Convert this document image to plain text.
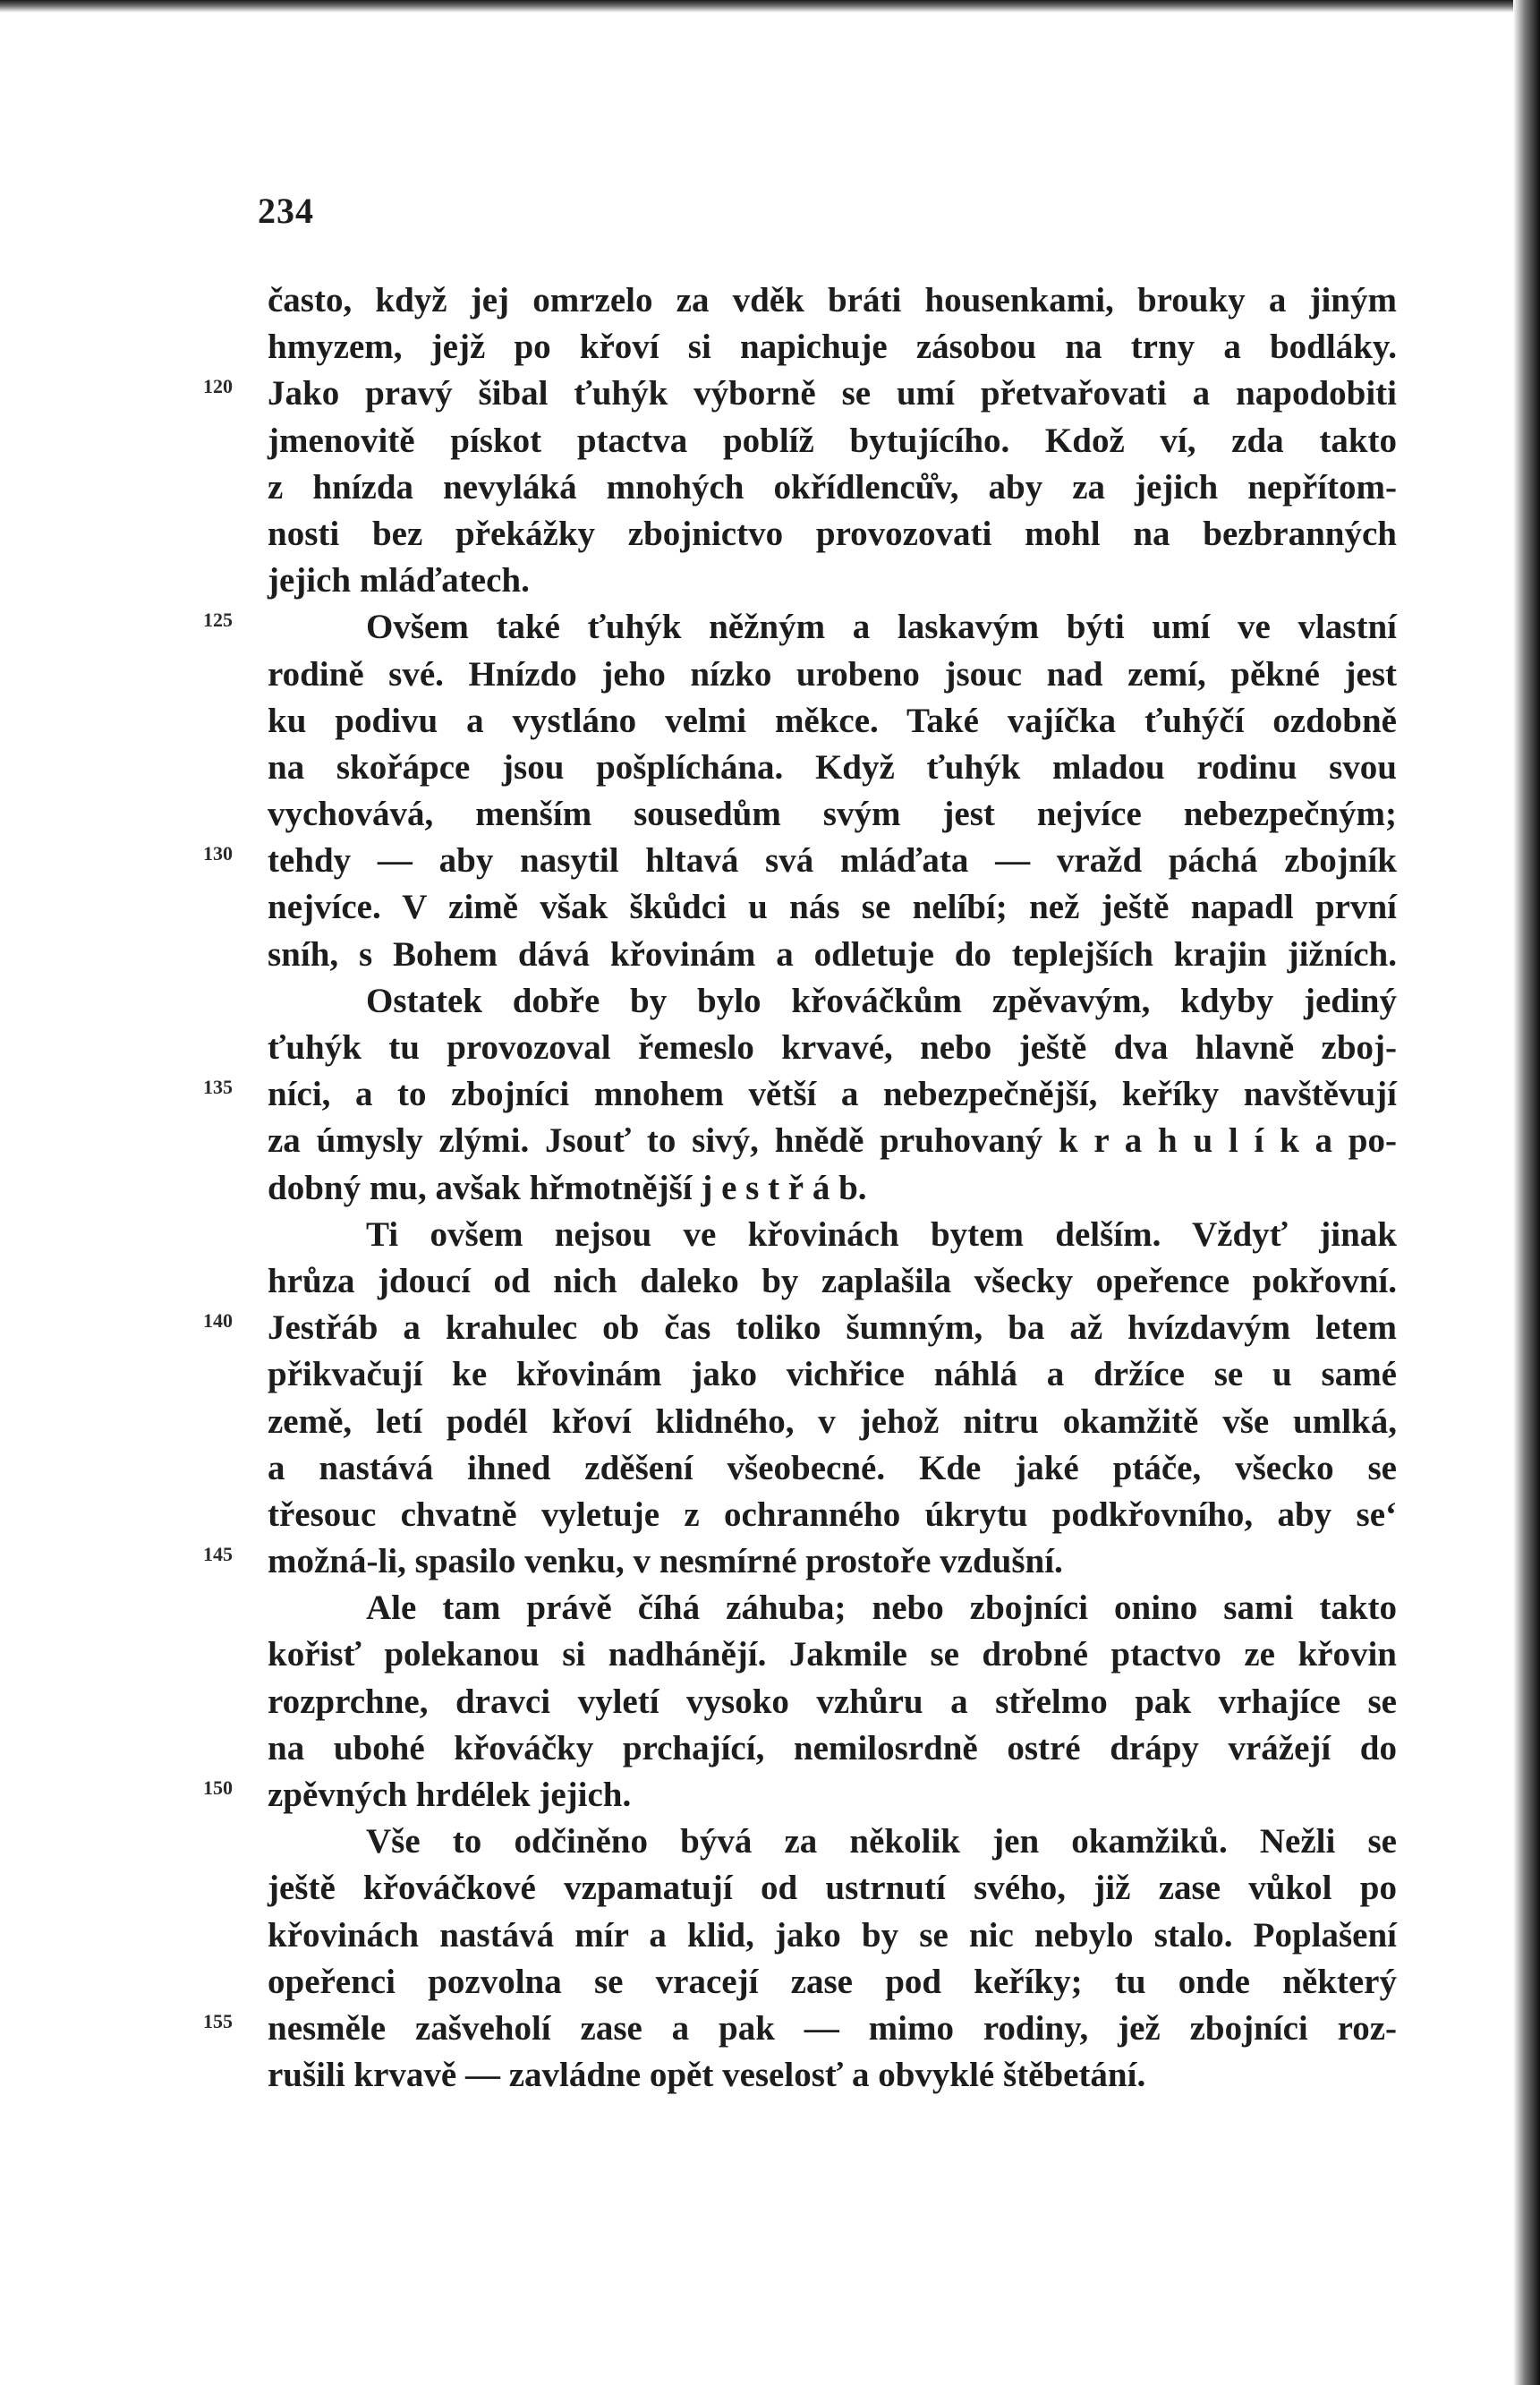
234
často, když jej omrzelo za vděk bráti housenkami, brouky a jiným
hmyzem, jejž po křoví si napichuje zásobou na trny a bodláky.
120 Jako pravý šibal ťuhýk výborně se umí přetvařovati a napodobiti
jmenovitě pískot ptactva poblíž bytujícího. Kdož ví, zda takto
z hnízda nevyláká mnohých okřídlenců̊v, aby za jejich nepřítom-
nosti bez překážky zbojnictvo provozovati mohl na bezbranných
jejich mláďatech.
125	Ovšem také ťuhýk něžným a laskavým býti umí ve vlastní
rodině své. Hnízdo jeho nízko urobeno jsouc nad zemí, pěkné jest
ku podivu a vystláno velmi měkce. Také vajíčka ťuhýčí ozdobně
na skořápce jsou pošplíchána. Když ťuhýk mladou rodinu svou
vychovává, menším sousedům svým jest nejvíce nebezpečným;
130 tehdy — aby nasytil hltavá svá mláďata — vražd páchá zbojník
nejvíce. V zimě však škůdci u nás se nelíbí; než ještě napadl první
sníh, s Bohem dává křovinám a odletuje do teplejších krajin jižních.
Ostatek dobře by bylo křováčkům zpěvavým, kdyby jediný
ťuhýk tu provozoval řemeslo krvavé, nebo ještě dva hlavně zboj-
135 níci, a to zbojníci mnohem větší a nebezpečnější, keříky navštěvují
za úmysly zlými. Jsouť to sivý, hnědě pruhovaný k r a h u l í k a po-
dobný mu, avšak hřmotnější j e s t ř á b.
Ti ovšem nejsou ve křovinách bytem delším. Vždyť jinak
hrůza jdoucí od nich daleko by zaplašila všecky opeřence pokřovní.
140 Jestřáb a krahulec ob čas toliko šumným, ba až hvízdavým letem
přikvačují ke křovinám jako vichřice náhlá a držíce se u samé
země, letí podél křoví klidného, v jehož nitru okamžitě vše umlká,
a nastává ihned zděšení všeobecné. Kde jaké ptáče, všecko se
třesouc chvatně vyletuje z ochranného úkrytu podkřovního, aby se‘
145 možná-li, spasilo venku, v nesmírné prostoře vzdušní.
Ale tam právě číhá záhuba; nebo zbojníci onino sami takto
kořisť polekanou si nadhánějí. Jakmile se drobné ptactvo ze křovin
rozprchne, dravci vyletí vysoko vzhůru a střelmo pak vrhajíce se
na ubohé křováčky prchající, nemilosrdně ostré drápy vrážejí do
150 zpěvných hrdélek jejich.
Vše to odčiněno bývá za několik jen okamžiků. Nežli se
ještě křováčkové vzpamatují od ustrnutí svého, již zase vůkol po
křovinách nastává mír a klid, jako by se nic nebylo stalo. Poplašení
opeřenci pozvolna se vracejí zase pod keříky; tu onde některý
155 nesměle zašveholí zase a pak — mimo rodiny, jež zbojníci roz-
rušili krvavě — zavládne opět veselosť a obvyklé štěbetání.
